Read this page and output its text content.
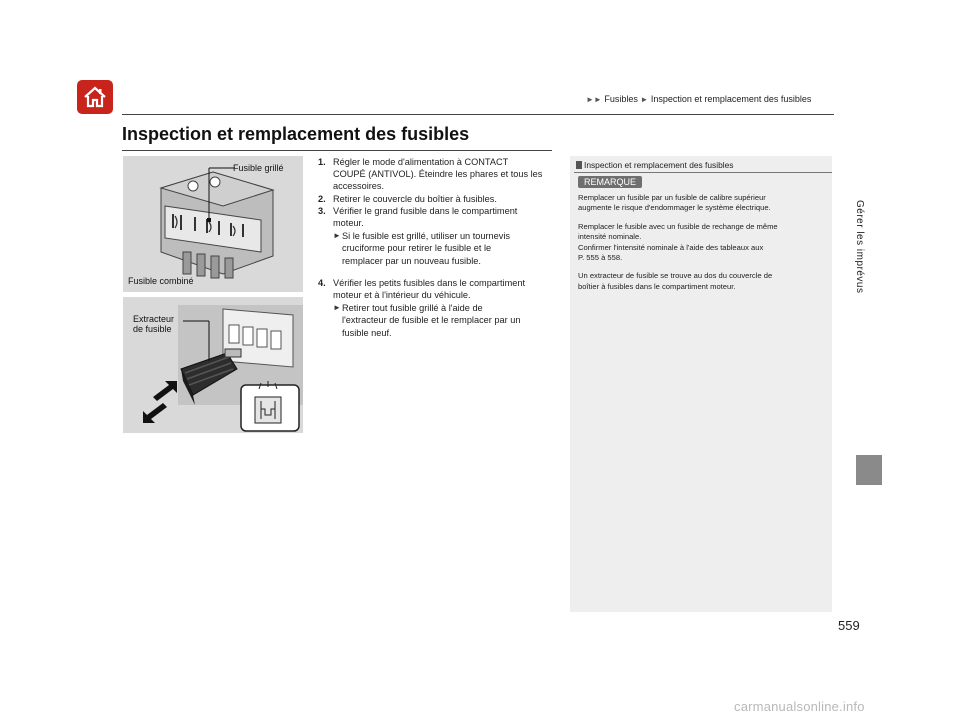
►► Fusibles ► Inspection et remplacement des fusibles
Inspection et remplacement des fusibles
Gérer les imprévus
Fusible grillé
Fusible combiné
Extracteur
de fusible
1. Régler le mode d'alimentation à CONTACT
COUPÉ (ANTIVOL). Éteindre les phares et tous les
accessoires.
2. Retirer le couvercle du boîtier à fusibles.
3. Vérifier le grand fusible dans le compartiment
moteur.
► Si le fusible est grillé, utiliser un tournevis
cruciforme pour retirer le fusible et le
remplacer par un nouveau fusible.
4. Vérifier les petits fusibles dans le compartiment
moteur et à l'intérieur du véhicule.
► Retirer tout fusible grillé à l'aide de
l'extracteur de fusible et le remplacer par un
fusible neuf.
Inspection et remplacement des fusibles
REMARQUE

Remplacer un fusible par un fusible de calibre supérieur
augmente le risque d'endommager le système électrique.

Remplacer le fusible avec un fusible de rechange de même
intensité nominale.
Confirmer l'intensité nominale à l'aide des tableaux aux
P. 555 à 558.

Un extracteur de fusible se trouve au dos du couvercle de
boîtier à fusibles dans le compartiment moteur.

559
carmanualsonline.info
